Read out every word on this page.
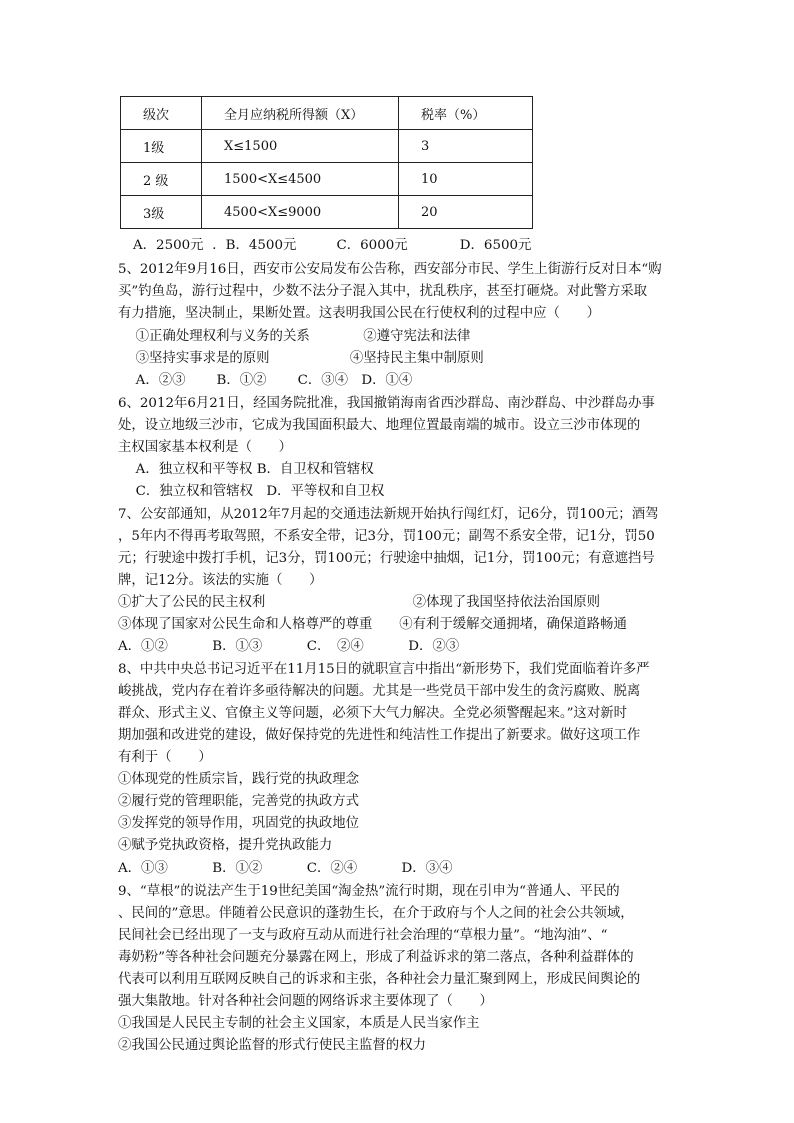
级次	全月应纳税所得额（X）	税率（%）
1级	X≤1500	3
2 级	1500<X≤4500	10
3级	4500<X≤9000	20
A．2500元 ．B．4500元	C．6000元	D．6500元
5、2012年9月16日，西安市公安局发布公告称，西安部分市民、学生上街游行反对日本“购
买”钓鱼岛，游行过程中，少数不法分子混入其中，扰乱秩序，甚至打砸烧。对此警方采取
有力措施，坚决制止，果断处置。这表明我国公民在行使权利的过程中应（　　）
　 ①正确处理权利与义务的关系　　　　②遵守宪法和法律
　 ③坚持实事求是的原则　　　　　　④坚持民主集中制原则
　 A．②③　　 B．①②　　 C．③④　D．①④
6、2012年6月21日，经国务院批准，我国撤销海南省西沙群岛、南沙群岛、中沙群岛办事
处，设立地级三沙市，它成为我国面积最大、地理位置最南端的城市。设立三沙市体现的
主权国家基本权利是（　　）
　 A．独立权和平等权 B．自卫权和管辖权
　 C．独立权和管辖权　D．平等权和自卫权
7、公安部通知，从2012年7月起的交通违法新规开始执行闯红灯，记6分，罚100元；酒驾
，5年内不得再考取驾照，不系安全带，记3分，罚100元；副驾不系安全带，记1分，罚50
元；行驶途中拨打手机，记3分，罚100元；行驶途中抽烟，记1分，罚100元；有意遮挡号
牌，记12分。该法的实施（　　）
①扩大了公民的民主权利　　　　　　　　　　　②体现了我国坚持依法治国原则
③体现了国家对公民生命和人格尊严的尊重　　④有利于缓解交通拥堵，确保道路畅通
A．①②　　　 B．①③　　　 C．　②④　　　 D．②③
8、中共中央总书记习近平在11月15日的就职宣言中指出“新形势下，我们党面临着许多严
峻挑战，党内存在着许多亟待解决的问题。尤其是一些党员干部中发生的贪污腐败、脱离
群众、形式主义、官僚主义等问题，必须下大气力解决。全党必须警醒起来。”这对新时
期加强和改进党的建设，做好保持党的先进性和纯洁性工作提出了新要求。做好这项工作
有利于（　　）
①体现党的性质宗旨，践行党的执政理念
②履行党的管理职能，完善党的执政方式
③发挥党的领导作用，巩固党的执政地位
④赋予党执政资格，提升党执政能力
A．①③　　　 B．①②　　　 C．②④　　　 D．③④
9、“草根”的说法产生于19世纪美国“淘金热”流行时期，现在引申为“普通人、平民的
、民间的”意思。伴随着公民意识的蓬勃生长，在介于政府与个人之间的社会公共领域，
民间社会已经出现了一支与政府互动从而进行社会治理的“草根力量”。“地沟油”、“
毒奶粉”等各种社会问题充分暴露在网上，形成了利益诉求的第二落点，各种利益群体的
代表可以利用互联网反映自己的诉求和主张，各种社会力量汇聚到网上，形成民间舆论的
强大集散地。针对各种社会问题的网络诉求主要体现了（　　）
①我国是人民民主专制的社会主义国家，本质是人民当家作主
②我国公民通过舆论监督的形式行使民主监督的权力
